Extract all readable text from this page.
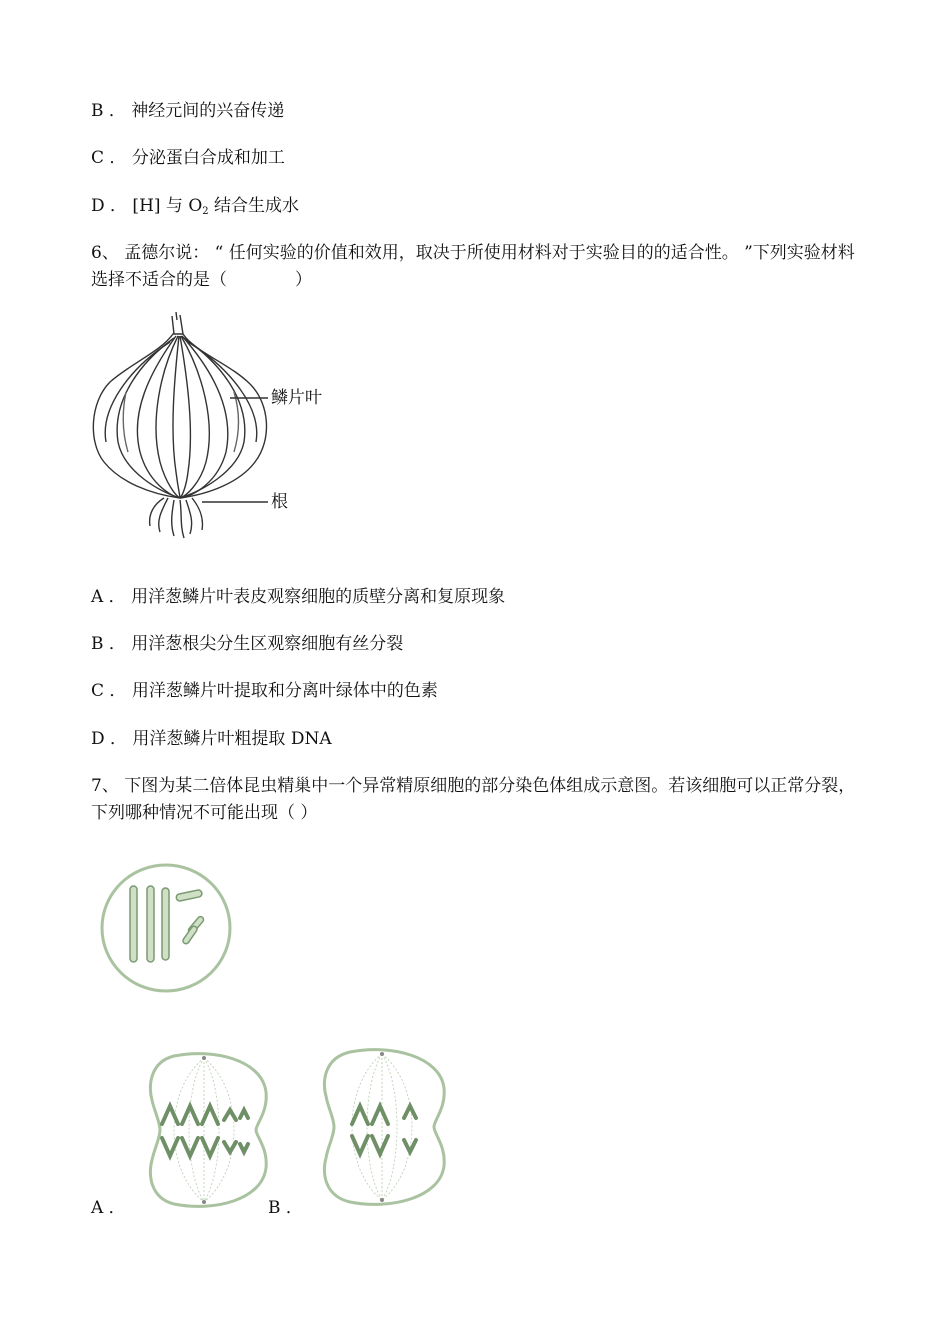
B ． 神经元间的兴奋传递
C ． 分泌蛋白合成和加工
D ． [H] 与 $O_2$ 结合生成水
6、 孟德尔说： “ 任何实验的价值和效用，取决于所使用材料对于实验目的的适合性。 ”下列实验材料选择不适合的是（　　　　）
鳞片叶
根
A ． 用洋葱鳞片叶表皮观察细胞的质壁分离和复原现象
B ． 用洋葱根尖分生区观察细胞有丝分裂
C ． 用洋葱鳞片叶提取和分离叶绿体中的色素
D ． 用洋葱鳞片叶粗提取 DNA
7、 下图为某二倍体昆虫精巢中一个异常精原细胞的部分染色体组成示意图。若该细胞可以正常分裂，下列哪种情况不可能出现（ ）
A ．	B ．
